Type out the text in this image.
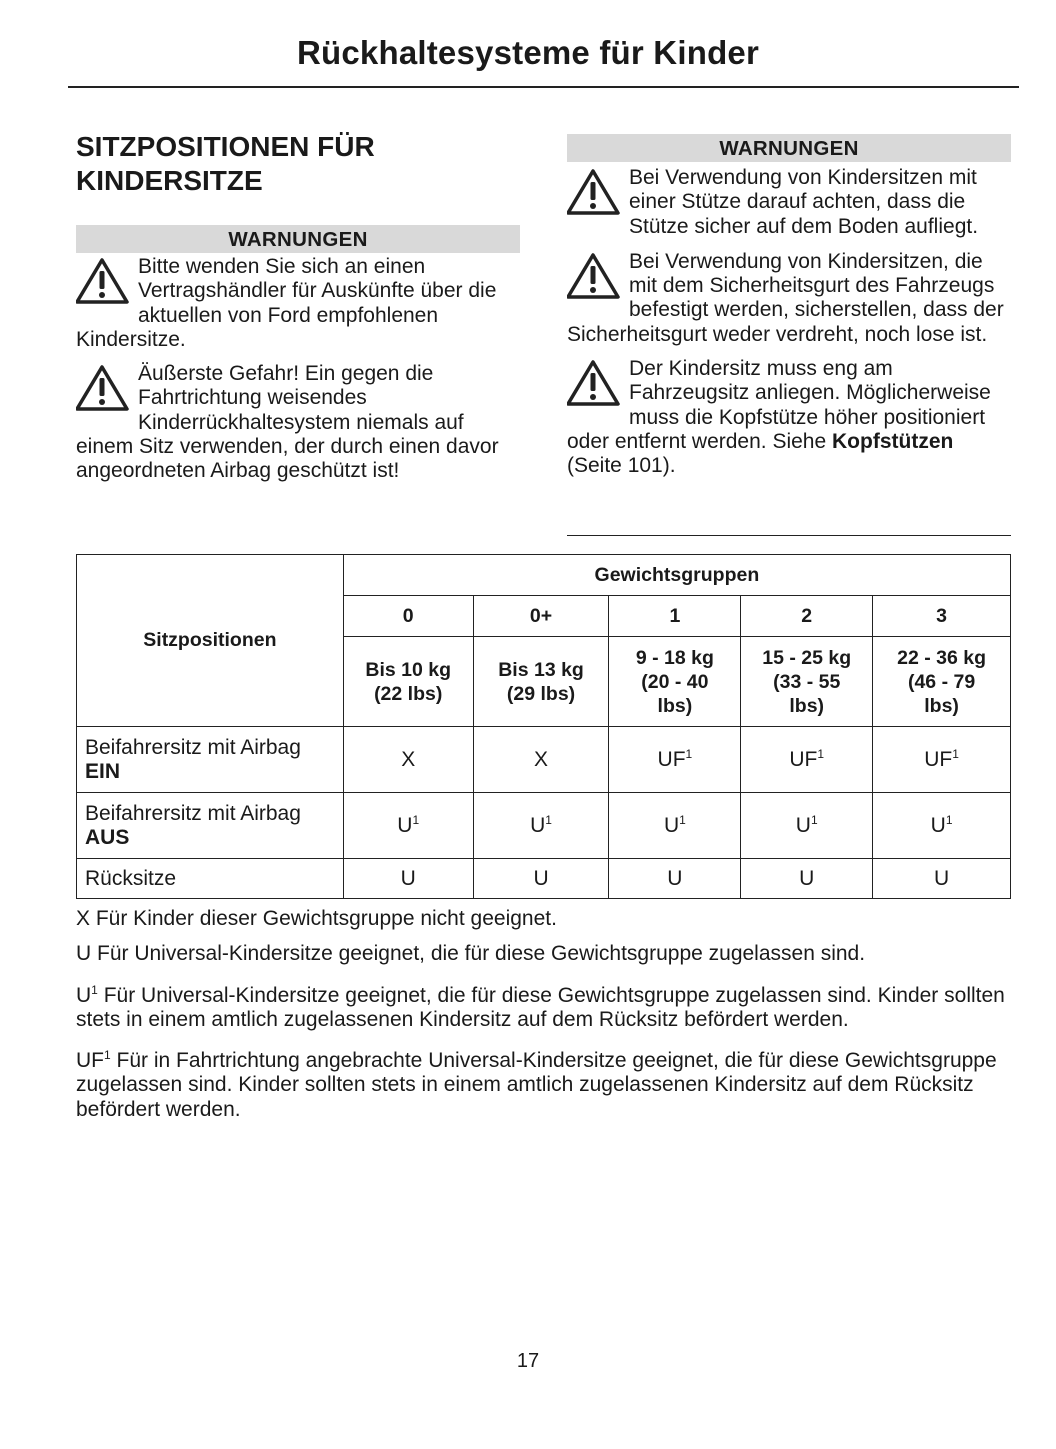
Rückhaltesysteme für Kinder
SITZPOSITIONEN FÜR
KINDERSITZE
WARNUNGEN

Bitte wenden Sie sich an einen Vertragshändler für Auskünfte über die aktuellen von Ford empfohlenen Kindersitze.

Äußerste Gefahr! Ein gegen die Fahrtrichtung weisendes Kinderrückhaltesystem niemals auf einem Sitz verwenden, der durch einen davor angeordneten Airbag geschützt ist!

WARNUNGEN

Bei Verwendung von Kindersitzen mit einer Stütze darauf achten, dass die Stütze sicher auf dem Boden aufliegt.

Bei Verwendung von Kindersitzen, die mit dem Sicherheitsgurt des Fahrzeugs befestigt werden, sicherstellen, dass der Sicherheitsgurt weder verdreht, noch lose ist.

Der Kindersitz muss eng am Fahrzeugsitz anliegen. Möglicherweise muss die Kopfstütze höher positioniert oder entfernt werden. Siehe Kopfstützen (Seite 101).

Sitzpositionen	Gewichtsgruppen				
	0	0+	1	2	3
	Bis 10 kg
(22 lbs)	Bis 13 kg
(29 lbs)	9 - 18 kg
(20 - 40
lbs)	15 - 25 kg
(33 - 55
lbs)	22 - 36 kg
(46 - 79
lbs)
Beifahrersitz mit Airbag
EIN	X	X	$UF^1$	$UF^1$	$UF^1$
Beifahrersitz mit Airbag
AUS	$U^1$	$U^1$	$U^1$	$U^1$	$U^1$
Rücksitze	U	U	U	U	U

X Für Kinder dieser Gewichtsgruppe nicht geeignet.

U Für Universal-Kindersitze geeignet, die für diese Gewichtsgruppe zugelassen sind.

$U^1$ Für Universal-Kindersitze geeignet, die für diese Gewichtsgruppe zugelassen sind. Kinder sollten stets in einem amtlich zugelassenen Kindersitz auf dem Rücksitz befördert werden.

$UF^1$ Für in Fahrtrichtung angebrachte Universal-Kindersitze geeignet, die für diese Gewichtsgruppe zugelassen sind. Kinder sollten stets in einem amtlich zugelassenen Kindersitz auf dem Rücksitz befördert werden.

17
